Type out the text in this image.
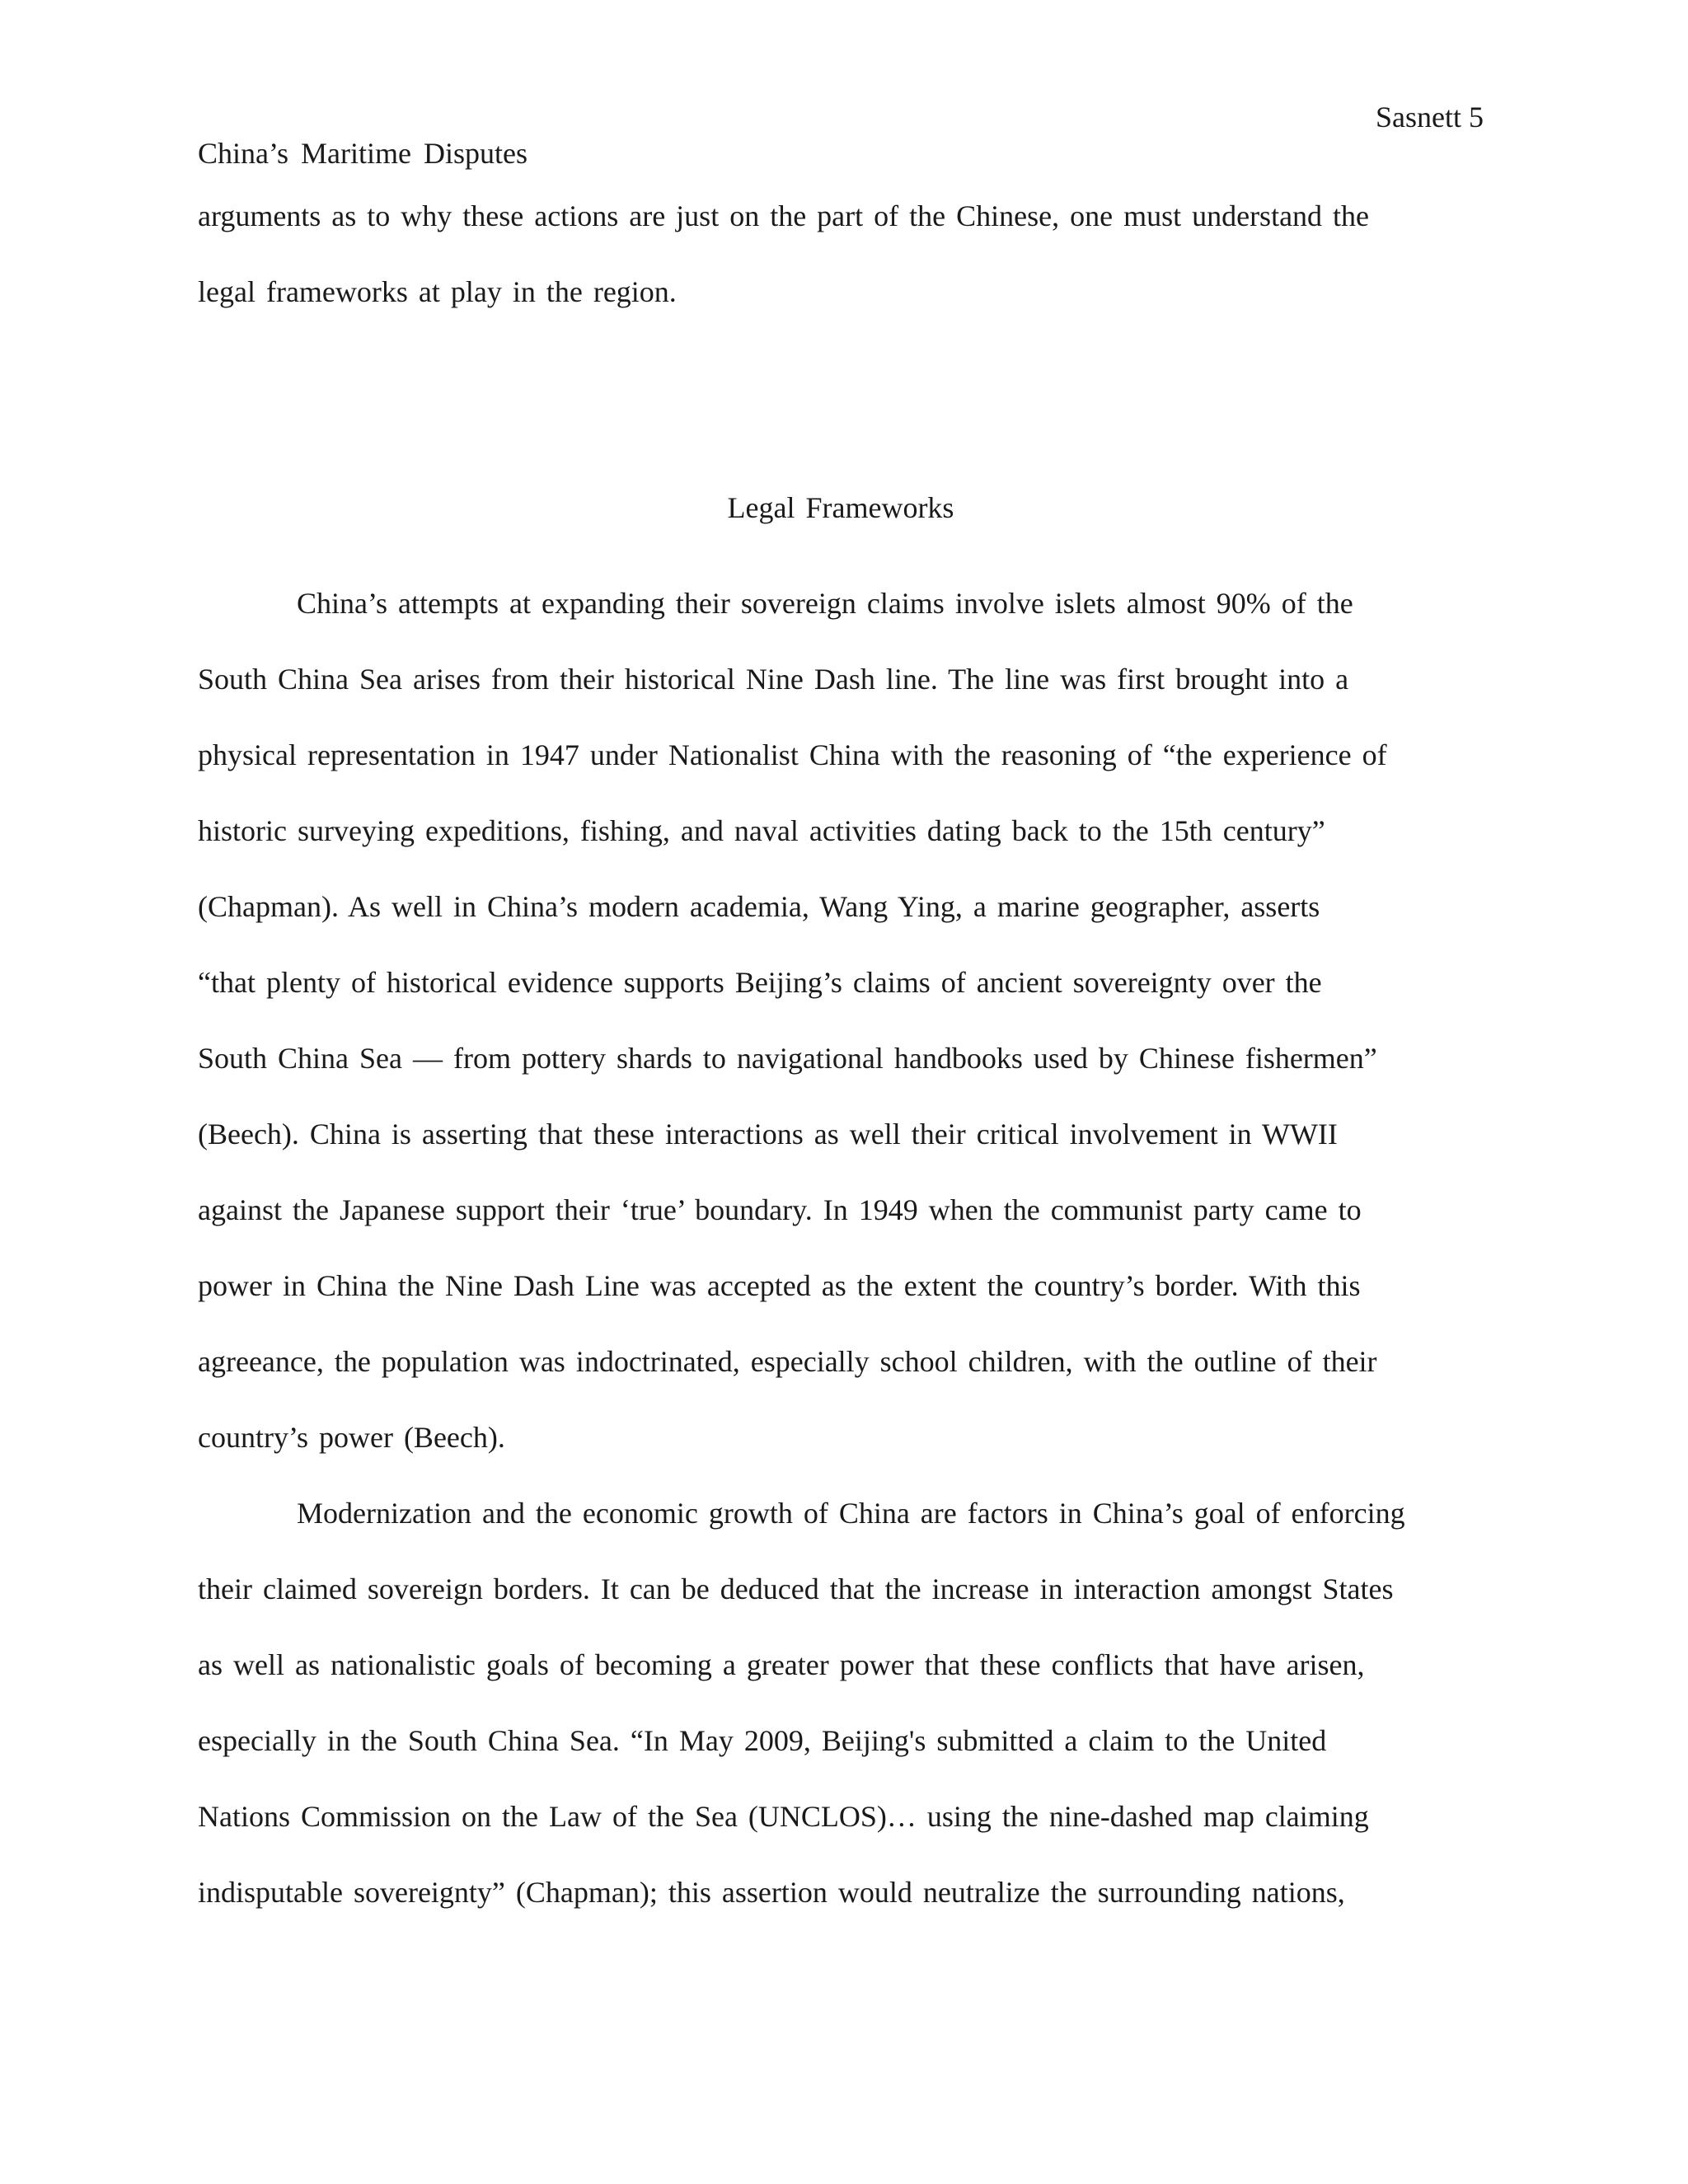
Sasnett 5
China’s Maritime Disputes
arguments as to why these actions are just on the part of the Chinese, one must understand the
legal frameworks at play in the region.
Legal Frameworks
China’s attempts at expanding their sovereign claims involve islets almost 90% of the
South China Sea arises from their historical Nine Dash line. The line was first brought into a
physical representation in 1947 under Nationalist China with the reasoning of “the experience of
historic surveying expeditions, fishing, and naval activities dating back to the 15th century”
(Chapman). As well in China’s modern academia, Wang Ying, a marine geographer, asserts
“that plenty of historical evidence supports Beijing’s claims of ancient sovereignty over the
South China Sea — from pottery shards to navigational handbooks used by Chinese fishermen”
(Beech). China is asserting that these interactions as well their critical involvement in WWII
against the Japanese support their ‘true’ boundary. In 1949 when the communist party came to
power in China the Nine Dash Line was accepted as the extent the country’s border. With this
agreeance, the population was indoctrinated, especially school children, with the outline of their
country’s power (Beech).
Modernization and the economic growth of China are factors in China’s goal of enforcing
their claimed sovereign borders. It can be deduced that the increase in interaction amongst States
as well as nationalistic goals of becoming a greater power that these conflicts that have arisen,
especially in the South China Sea. “In May 2009, Beijing's submitted a claim to the United
Nations Commission on the Law of the Sea (UNCLOS)… using the nine-dashed map claiming
indisputable sovereignty” (Chapman); this assertion would neutralize the surrounding nations,
